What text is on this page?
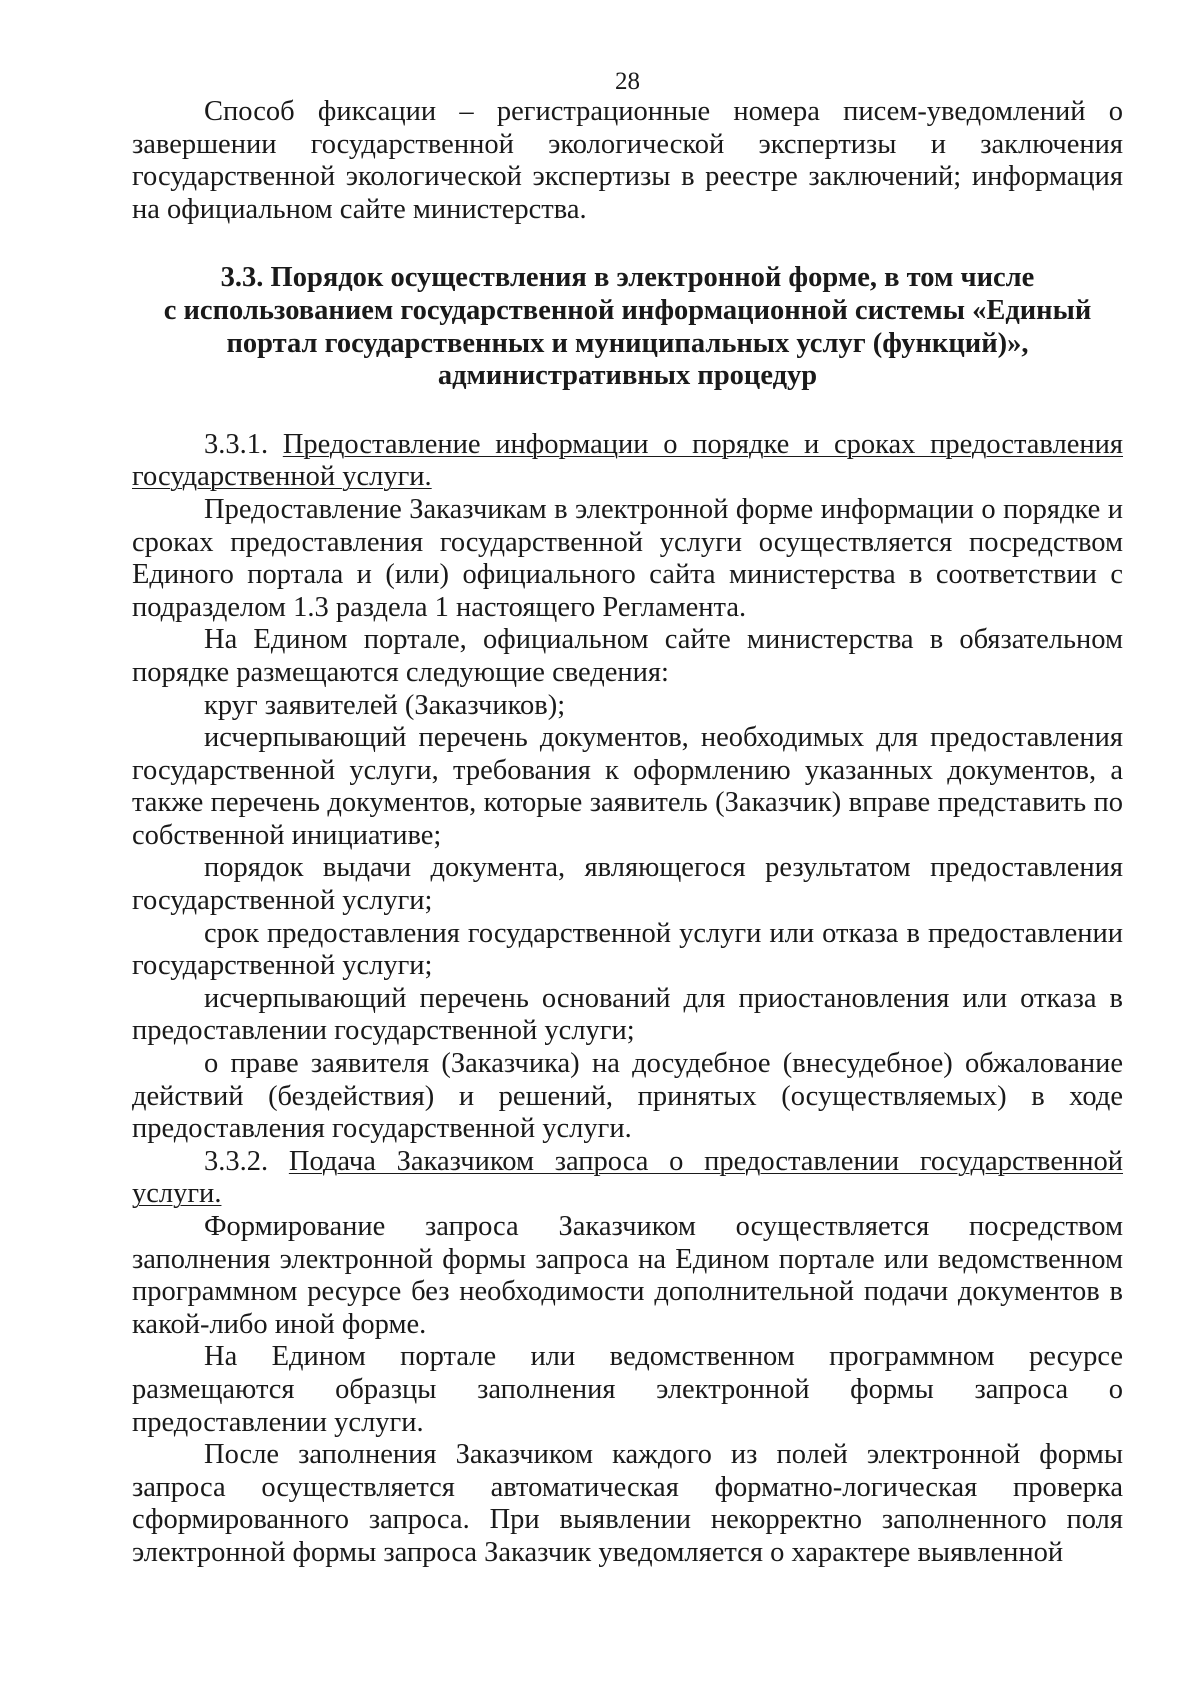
28

Способ фиксации – регистрационные номера писем-уведомлений о завершении государственной экологической экспертизы и заключения государственной экологической экспертизы в реестре заключений; информация на официальном сайте министерства.

3.3. Порядок осуществления в электронной форме, в том числе
с использованием государственной информационной системы «Единый
портал государственных и муниципальных услуг (функций)»,
административных процедур

3.3.1. Предоставление информации о порядке и сроках предоставления государственной услуги.

Предоставление Заказчикам в электронной форме информации о порядке и сроках предоставления государственной услуги осуществляется посредством Единого портала и (или) официального сайта министерства в соответствии с подразделом 1.3 раздела 1 настоящего Регламента.

На Едином портале, официальном сайте министерства в обязательном порядке размещаются следующие сведения:

круг заявителей (Заказчиков);

исчерпывающий перечень документов, необходимых для предоставления государственной услуги, требования к оформлению указанных документов, а также перечень документов, которые заявитель (Заказчик) вправе представить по собственной инициативе;

порядок выдачи документа, являющегося результатом предоставления государственной услуги;

срок предоставления государственной услуги или отказа в предоставлении государственной услуги;

исчерпывающий перечень оснований для приостановления или отказа в предоставлении государственной услуги;

о праве заявителя (Заказчика) на досудебное (внесудебное) обжалование действий (бездействия) и решений, принятых (осуществляемых) в ходе предоставления государственной услуги.

3.3.2. Подача Заказчиком запроса о предоставлении государственной услуги.

Формирование запроса Заказчиком осуществляется посредством заполнения электронной формы запроса на Едином портале или ведомственном программном ресурсе без необходимости дополнительной подачи документов в какой-либо иной форме.

На Едином портале или ведомственном программном ресурсе размещаются образцы заполнения электронной формы запроса о предоставлении услуги.

После заполнения Заказчиком каждого из полей электронной формы запроса осуществляется автоматическая форматно-логическая проверка сформированного запроса. При выявлении некорректно заполненного поля электронной формы запроса Заказчик уведомляется о характере выявленной
